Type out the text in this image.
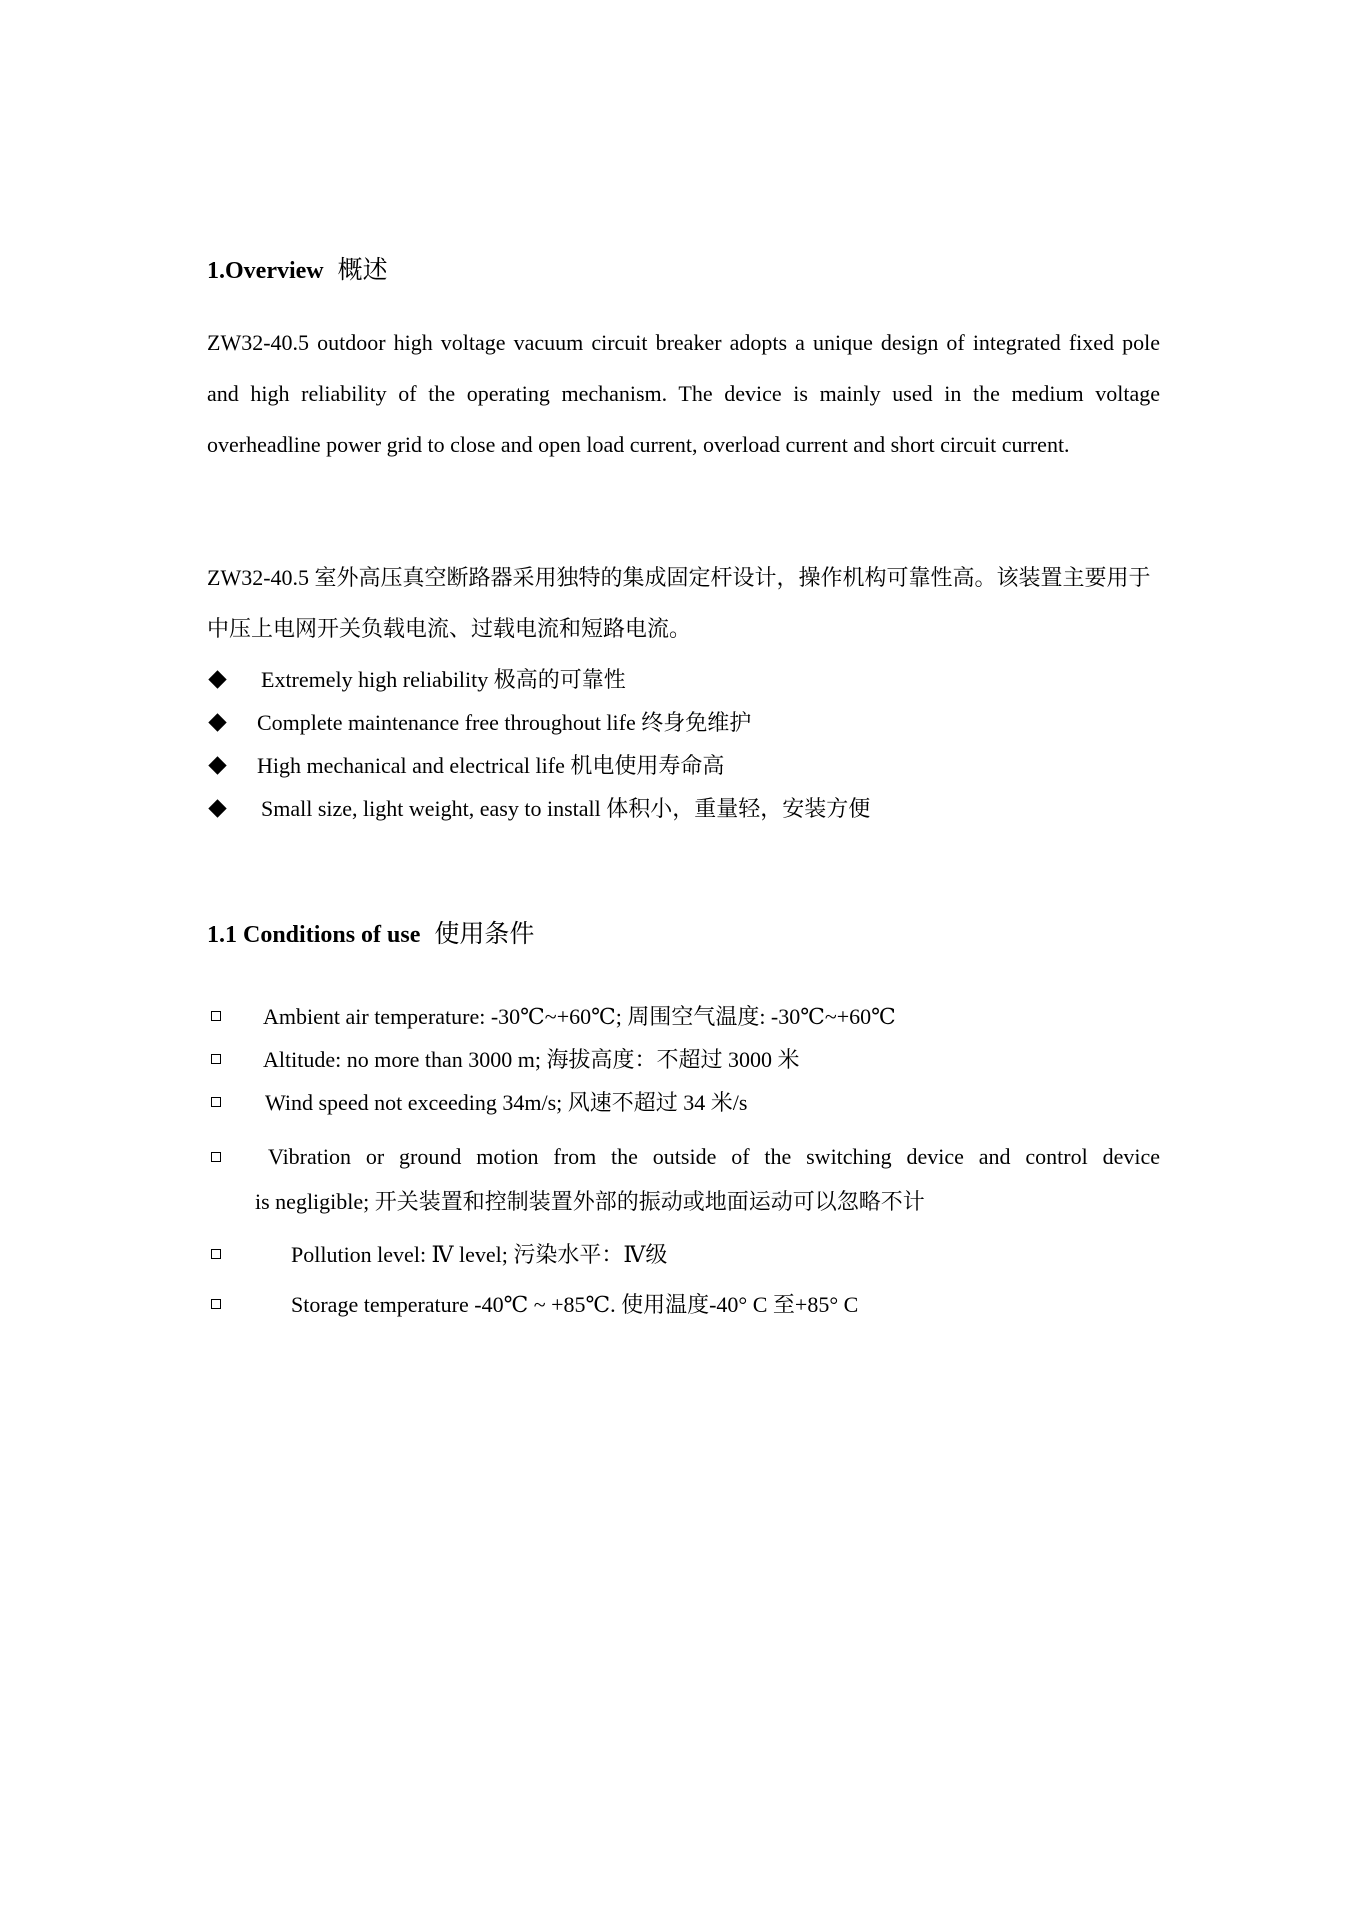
1.Overview 概述

ZW32-40.5 outdoor high voltage vacuum circuit breaker adopts a unique design of integrated fixed pole and high reliability of the operating mechanism. The device is mainly used in the medium voltage overheadline power grid to close and open load current, overload current and short circuit current.

ZW32-40.5 室外高压真空断路器采用独特的集成固定杆设计，操作机构可靠性高。该装置主要用于中压上电网开关负载电流、过载电流和短路电流。

Extremely high reliability 极高的可靠性
Complete maintenance free throughout life 终身免维护
High mechanical and electrical life 机电使用寿命高
Small size, light weight, easy to install 体积小，重量轻，安装方便
1.1 Conditions of use 使用条件
Ambient air temperature: -30℃~+60℃; 周围空气温度: -30℃~+60℃
Altitude: no more than 3000 m; 海拔高度：不超过 3000 米
Wind speed not exceeding 34m/s; 风速不超过 34 米/s
Vibration or ground motion from the outside of the switching device and control device
is negligible; 开关装置和控制装置外部的振动或地面运动可以忽略不计
Pollution level: Ⅳ level; 污染水平：Ⅳ级
Storage temperature -40℃ ~ +85℃. 使用温度-40° C 至+85° C
